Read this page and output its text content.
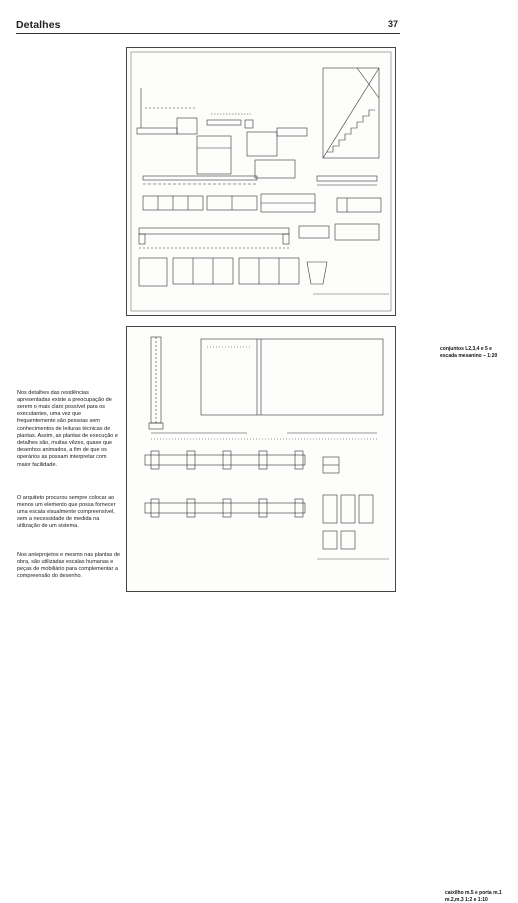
Detalhes	37
conjuntos L2,3,4 e 5 e
escada mesanino – 1:20
caixilho m.5 e porta m.1
m.2,m.3 1:2 e 1:10

Nos detalhes das residências apresentadas existe a preocupação de serem o mais claro possível para os executantes, uma vez que frequentemente são pessoas sem conhecimentos de leituras técnicas de plantas. Assim, as plantas de execução e detalhes são, muitas vêzes, quase que desenhos animados, a fim de que os operários as possam interpretar com maior facilidade.

O arquiteto procurou sempre colocar ao menos um elemento que possa fornecer uma escala visualmente compreensível, sem a necessidade de medida na utilização de um sistema.

Nos anteprojetos e mesmo nas plantas de obra, são utilizadas escalas humanas e peças de mobiliário para complementar a compreensão do desenho.
